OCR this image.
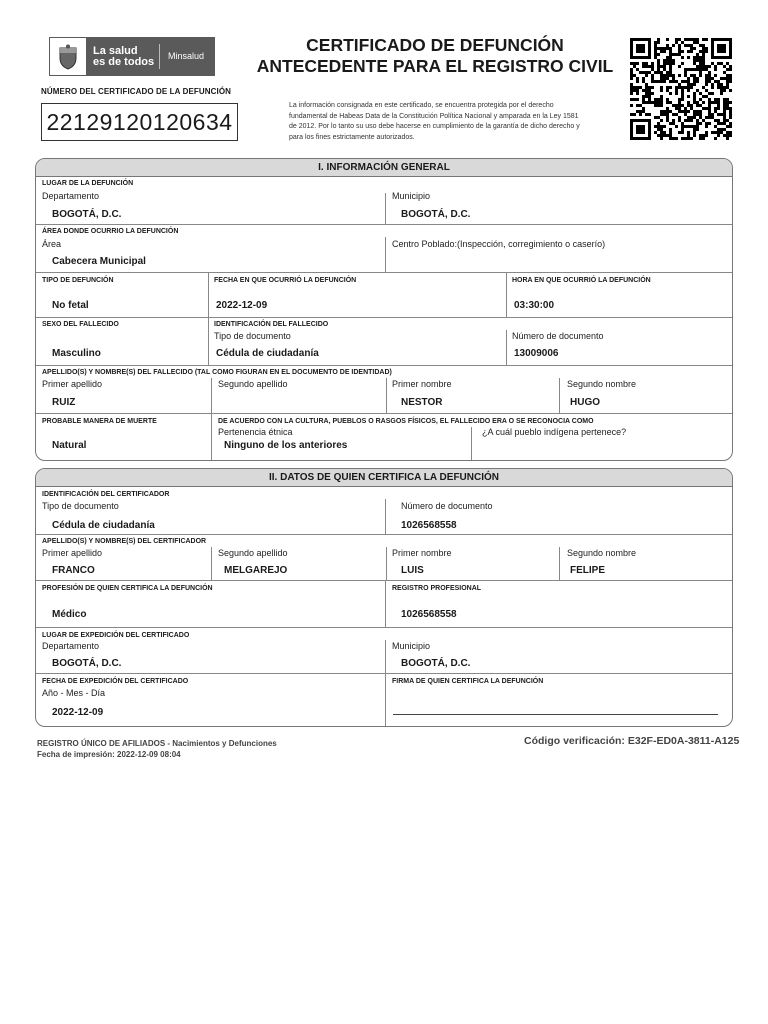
La salud
es de todos	Minsalud
NÚMERO DEL CERTIFICADO DE LA DEFUNCIÓN
22129120120634
CERTIFICADO DE DEFUNCIÓN
ANTECEDENTE PARA EL REGISTRO CIVIL
La información consignada en este certificado, se encuentra protegida por el derecho fundamental de Habeas Data de la Constitución Política Nacional y amparada en la Ley 1581 de 2012. Por lo tanto su uso debe hacerse en cumplimiento de la garantía de dicho derecho y para los fines estrictamente autorizados.
I. INFORMACIÓN GENERAL
LUGAR DE LA DEFUNCIÓN
Departamento
BOGOTÁ, D.C.
Municipio
BOGOTÁ, D.C.
ÁREA DONDE OCURRIO LA DEFUNCIÓN
Área
Cabecera Municipal
Centro Poblado:(Inspección, corregimiento o caserío)
TIPO DE DEFUNCIÓN
No fetal
FECHA EN QUE OCURRIÓ LA DEFUNCIÓN
2022-12-09
HORA EN QUE OCURRIÓ LA DEFUNCIÓN
03:30:00
SEXO DEL FALLECIDO
Masculino
IDENTIFICACIÓN DEL FALLECIDO
Tipo de documento
Cédula de ciudadanía
Número de documento
13009006
APELLIDO(S) Y NOMBRE(S) DEL FALLECIDO (TAL COMO FIGURAN EN EL DOCUMENTO DE IDENTIDAD)
Primer apellido
RUIZ
Segundo apellido	Primer nombre
NESTOR
Segundo nombre
HUGO
PROBABLE MANERA DE MUERTE
Natural
DE ACUERDO CON LA CULTURA, PUEBLOS O RASGOS FÍSICOS, EL FALLECIDO ERA O SE RECONOCIA COMO
Pertenencia étnica
Ninguno de los anteriores
¿A cuál pueblo indígena pertenece?
II. DATOS DE QUIEN CERTIFICA LA DEFUNCIÓN
IDENTIFICACIÓN DEL CERTIFICADOR
Tipo de documento
Cédula de ciudadanía
Número de documento
1026568558
APELLIDO(S) Y NOMBRE(S) DEL CERTIFICADOR
Primer apellido
FRANCO
Segundo apellido
MELGAREJO
Primer nombre
LUIS
Segundo nombre
FELIPE
PROFESIÓN DE QUIEN CERTIFICA LA DEFUNCIÓN
Médico
REGISTRO PROFESIONAL
1026568558
LUGAR DE EXPEDICIÓN DEL CERTIFICADO
Departamento
BOGOTÁ, D.C.
Municipio
BOGOTÁ, D.C.
FECHA DE EXPEDICIÓN DEL CERTIFICADO
Año - Mes - Día
2022-12-09
FIRMA DE QUIEN CERTIFICA LA DEFUNCIÓN
REGISTRO ÚNICO DE AFILIADOS - Nacimientos y Defunciones
Fecha de impresión: 2022-12-09 08:04
Código verificación: E32F-ED0A-3811-A125
